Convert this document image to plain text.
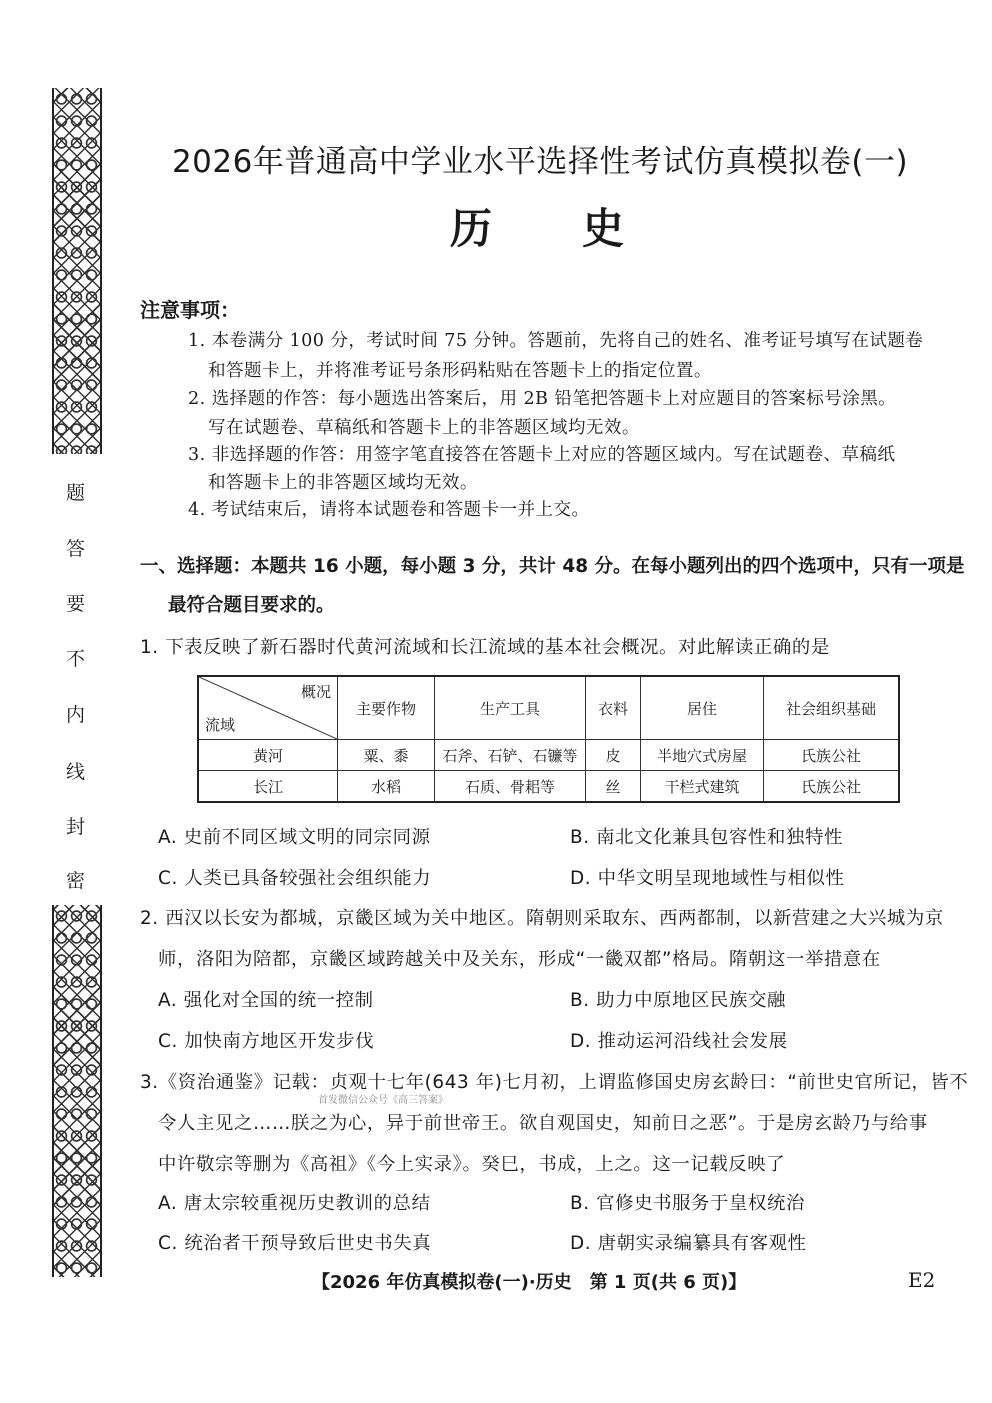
密
封
线
内
不
要
答
题
2026年普通高中学业水平选择性考试仿真模拟卷(一)
历 史
注意事项：
1. 本卷满分 100 分，考试时间 75 分钟。答题前，先将自己的姓名、准考证号填写在试题卷
和答题卡上，并将准考证号条形码粘贴在答题卡上的指定位置。
2. 选择题的作答：每小题选出答案后，用 2B 铅笔把答题卡上对应题目的答案标号涂黑。
写在试题卷、草稿纸和答题卡上的非答题区域均无效。
3. 非选择题的作答：用签字笔直接答在答题卡上对应的答题区域内。写在试题卷、草稿纸
和答题卡上的非答题区域均无效。
4. 考试结束后，请将本试题卷和答题卡一并上交。
一、选择题：本题共 16 小题，每小题 3 分，共计 48 分。在每小题列出的四个选项中，只有一项是
最符合题目要求的。
1. 下表反映了新石器时代黄河流域和长江流域的基本社会概况。对此解读正确的是
概况
流域	主要作物	生产工具	衣料	居住	社会组织基础
黄河	粟、黍	石斧、石铲、石镰等	皮	半地穴式房屋	氏族公社
长江	水稻	石质、骨耜等	丝	干栏式建筑	氏族公社
A. 史前不同区域文明的同宗同源	B. 南北文化兼具包容性和独特性
C. 人类已具备较强社会组织能力	D. 中华文明呈现地域性与相似性
2. 西汉以长安为都城，京畿区域为关中地区。隋朝则采取东、西两都制，以新营建之大兴城为京
师，洛阳为陪都，京畿区域跨越关中及关东，形成“一畿双都”格局。隋朝这一举措意在
A. 强化对全国的统一控制	B. 助力中原地区民族交融
C. 加快南方地区开发步伐	D. 推动运河沿线社会发展
3.《资治通鉴》记载：贞观十七年(643 年)七月初，上谓监修国史房玄龄曰：“前世史官所记，皆不
首发微信公众号《高三答案》
令人主见之……朕之为心，异于前世帝王。欲自观国史，知前日之恶”。于是房玄龄乃与给事
中许敬宗等删为《高祖》《今上实录》。癸巳，书成，上之。这一记载反映了
A. 唐太宗较重视历史教训的总结	B. 官修史书服务于皇权统治
C. 统治者干预导致后世史书失真	D. 唐朝实录编纂具有客观性
【2026 年仿真模拟卷(一)·历史　第 1 页(共 6 页)】	E2
